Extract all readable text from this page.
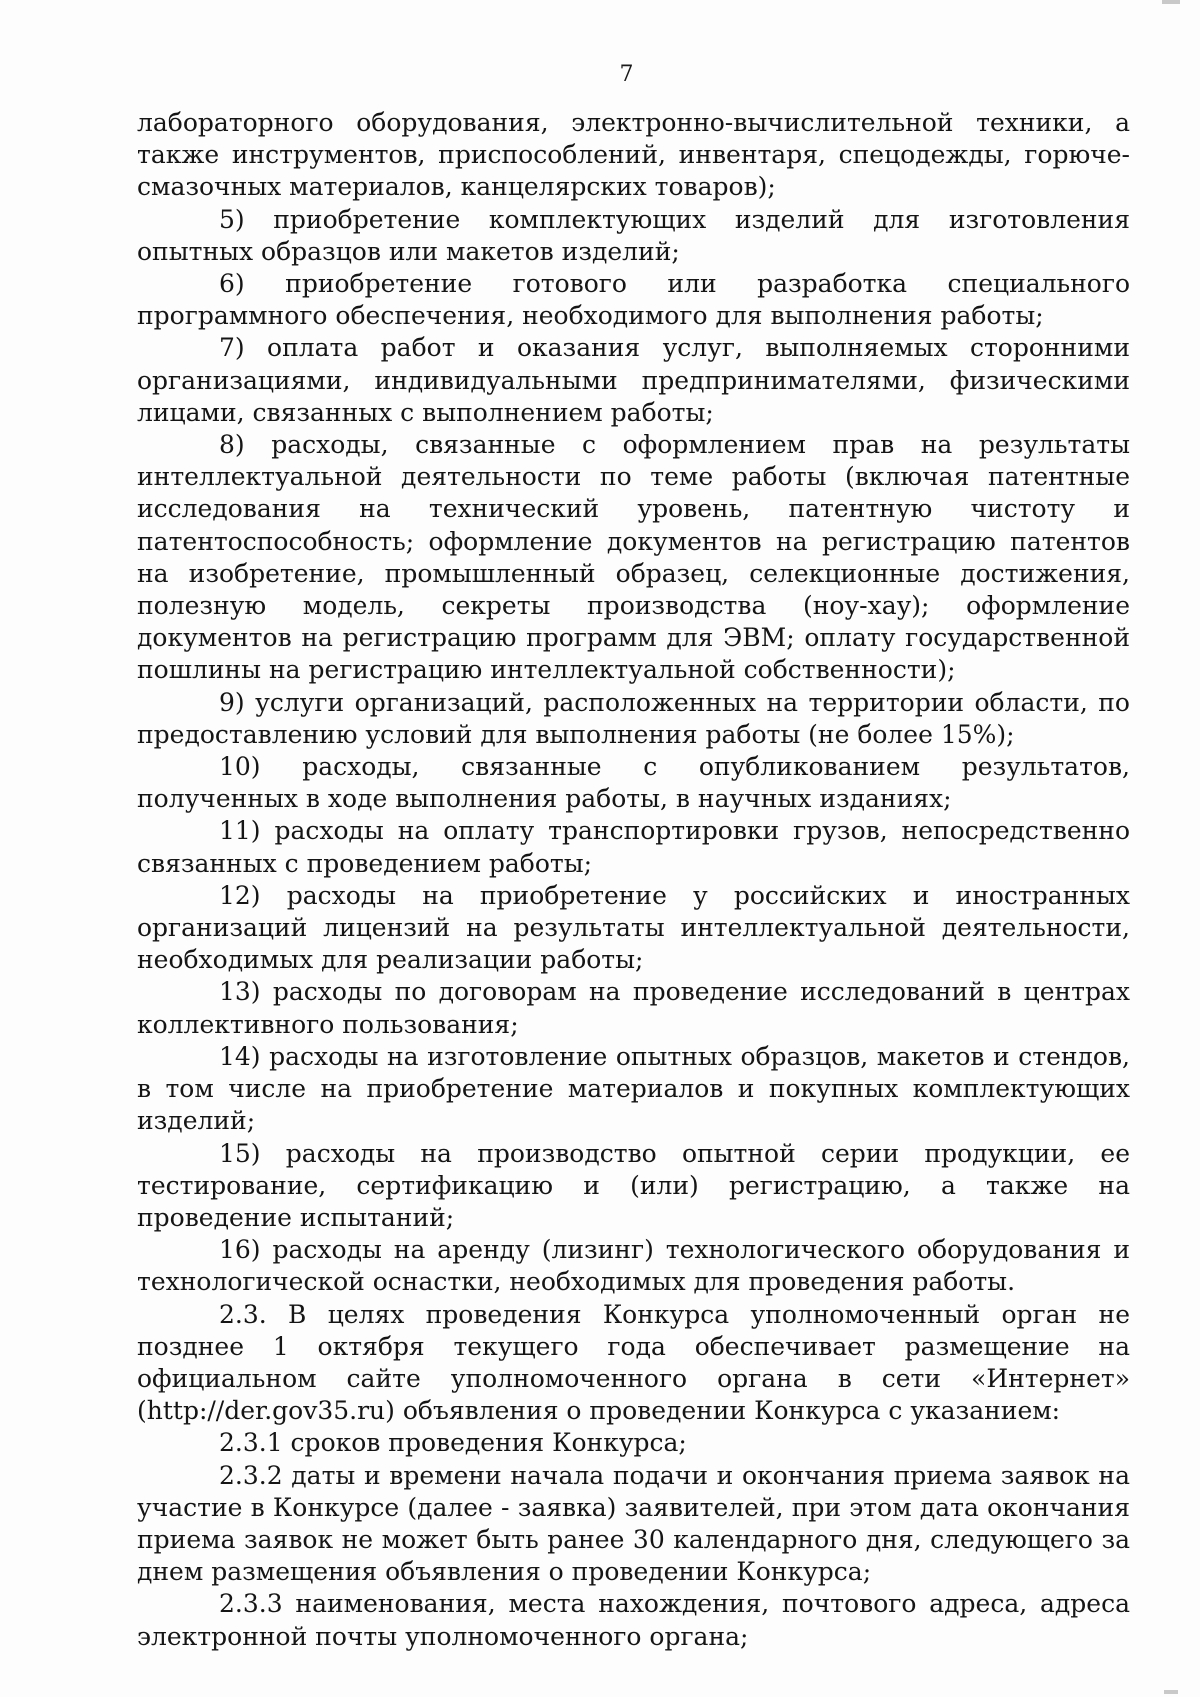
7

лабораторного оборудования, электронно-вычислительной техники, а также инструментов, приспособлений, инвентаря, спецодежды, горюче-смазочных материалов, канцелярских товаров);

5) приобретение комплектующих изделий для изготовления опытных образцов или макетов изделий;

6) приобретение готового или разработка специального программного обеспечения, необходимого для выполнения работы;

7) оплата работ и оказания услуг, выполняемых сторонними организациями, индивидуальными предпринимателями, физическими лицами, связанных с выполнением работы;

8) расходы, связанные с оформлением прав на результаты интеллектуальной деятельности по теме работы (включая патентные исследования на технический уровень, патентную чистоту и патентоспособность; оформление документов на регистрацию патентов на изобретение, промышленный образец, селекционные достижения, полезную модель, секреты производства (ноу-хау); оформление документов на регистрацию программ для ЭВМ; оплату государственной пошлины на регистрацию интеллектуальной собственности);

9) услуги организаций, расположенных на территории области, по предоставлению условий для выполнения работы (не более 15%);

10) расходы, связанные с опубликованием результатов, полученных в ходе выполнения работы, в научных изданиях;

11) расходы на оплату транспортировки грузов, непосредственно связанных с проведением работы;

12) расходы на приобретение у российских и иностранных организаций лицензий на результаты интеллектуальной деятельности, необходимых для реализации работы;

13) расходы по договорам на проведение исследований в центрах коллективного пользования;

14) расходы на изготовление опытных образцов, макетов и стендов, в том числе на приобретение материалов и покупных комплектующих изделий;

15) расходы на производство опытной серии продукции, ее тестирование, сертификацию и (или) регистрацию, а также на проведение испытаний;

16) расходы на аренду (лизинг) технологического оборудования и технологической оснастки, необходимых для проведения работы.

2.3. В целях проведения Конкурса уполномоченный орган не позднее 1 октября текущего года обеспечивает размещение на официальном сайте уполномоченного органа в сети «Интернет» (http://der.gov35.ru) объявления о проведении Конкурса с указанием:

2.3.1 сроков проведения Конкурса;

2.3.2 даты и времени начала подачи и окончания приема заявок на участие в Конкурсе (далее - заявка) заявителей, при этом дата окончания приема заявок не может быть ранее 30 календарного дня, следующего за днем размещения объявления о проведении Конкурса;

2.3.3 наименования, места нахождения, почтового адреса, адреса электронной почты уполномоченного органа;
